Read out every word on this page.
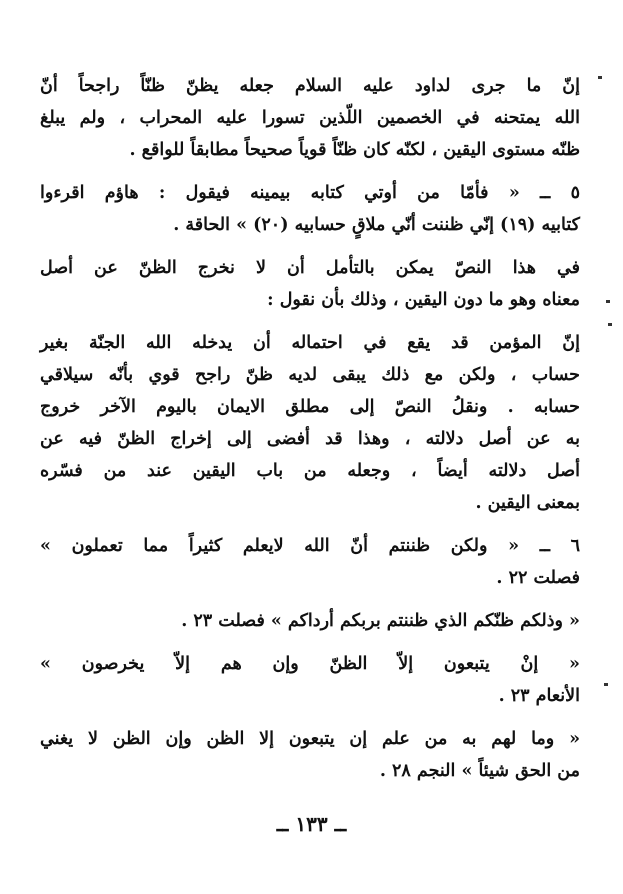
إنّ ما جرى لداود عليه السلام جعله يظنّ ظنّاً راجحاً أنّ
الله يمتحنه في الخصمين اللّذين تسورا عليه المحراب ، ولم يبلغ
ظنّه مستوى اليقين ، لكنّه كان ظنّاً قوياً صحيحاً مطابقاً للواقع .

٥ ــ « فأمّا من أوتي كتابه بيمينه فيقول : هاؤم اقرءوا
كتابيه (١٩) إنّي ظننت أنّي ملاقٍ حسابيه (٢٠) » الحاقة .

في هذا النصّ يمكن بالتأمل أن لا نخرج الظنّ عن أصل
معناه وهو ما دون اليقين ، وذلك بأن نقول :

إنّ المؤمن قد يقع في احتماله أن يدخله الله الجنّة بغير
حساب ، ولكن مع ذلك يبقى لديه ظنّ راجح قوي بأنّه سيلاقي
حسابه . ونقلُ النصّ إلى مطلق الايمان باليوم الآخر خروج
به عن أصل دلالته ، وهذا قد أفضى إلى إخراج الظنّ فيه عن
أصل دلالته أيضاً ، وجعله من باب اليقين عند من فسّره
بمعنى اليقين .

٦ ــ « ولكن ظننتم أنّ الله لايعلم كثيراً مما تعملون »
فصلت ٢٢ .

« وذلكم ظنّكم الذي ظننتم بربكم أرداكم » فصلت ٢٣ .

« إنْ يتبعون إلاّ الظنّ وإن هم إلاّ يخرصون »
الأنعام ٢٣ .

« وما لهم به من علم إن يتبعون إلا الظن وإن الظن لا يغني
من الحق شيئاً » النجم ٢٨ .

ــ ١٣٣ ــ
